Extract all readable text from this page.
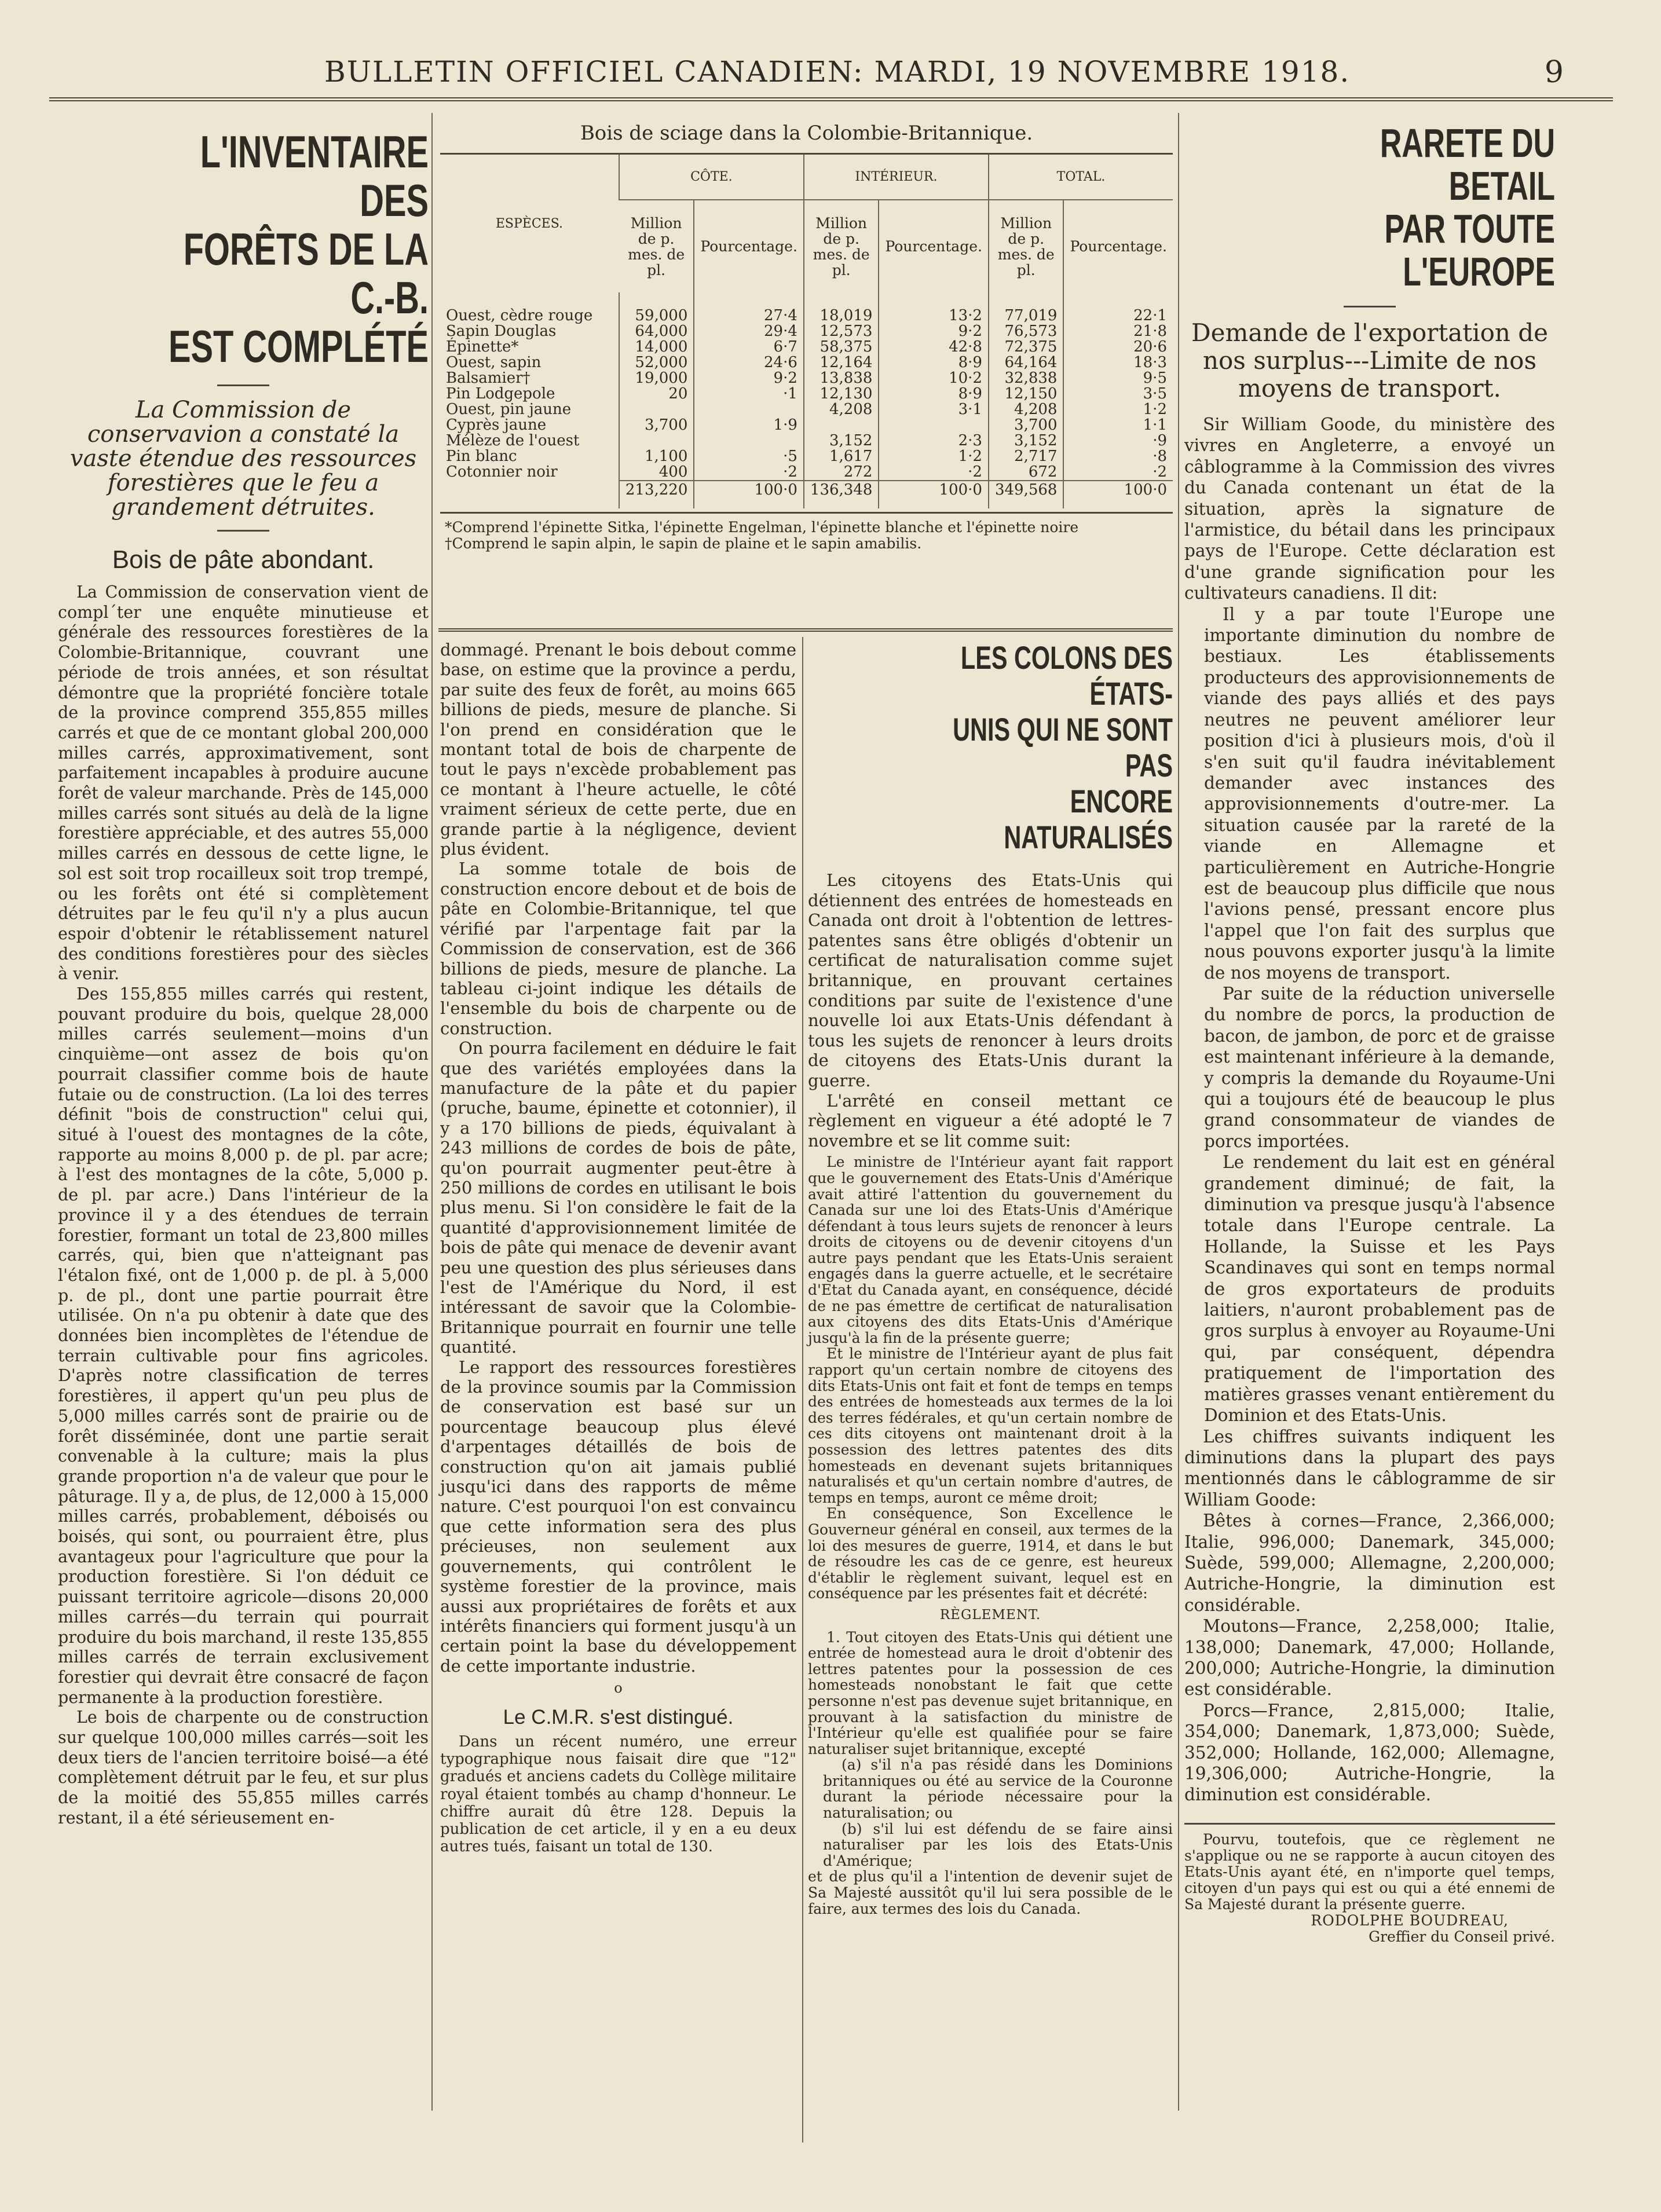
BULLETIN OFFICIEL CANADIEN: MARDI, 19 NOVEMBRE 1918.	9
L'INVENTAIRE DES
FORÊTS DE LA C.-B.
EST COMPLÉTÉ
La Commission de conservavion a constaté la vaste étendue des ressources forestières que le feu a grandement détruites.
Bois de pâte abondant.

La Commission de conservation vient de compl´ter une enquête minutieuse et générale des ressources forestières de la Colombie-Britannique, couvrant une période de trois années, et son résultat démontre que la propriété foncière totale de la province comprend 355,855 milles carrés et que de ce montant global 200,000 milles carrés, approximativement, sont parfaitement incapables à produire aucune forêt de valeur marchande. Près de 145,000 milles carrés sont situés au delà de la ligne forestière appréciable, et des autres 55,000 milles carrés en dessous de cette ligne, le sol est soit trop rocailleux soit trop trempé, ou les forêts ont été si complètement détruites par le feu qu'il n'y a plus aucun espoir d'obtenir le rétablissement naturel des conditions forestières pour des siècles à venir.

Des 155,855 milles carrés qui restent, pouvant produire du bois, quelque 28,000 milles carrés seulement—moins d'un cinquième—ont assez de bois qu'on pourrait classifier comme bois de haute futaie ou de construction. (La loi des terres définit "bois de construction" celui qui, situé à l'ouest des montagnes de la côte, rapporte au moins 8,000 p. de pl. par acre; à l'est des montagnes de la côte, 5,000 p. de pl. par acre.) Dans l'intérieur de la province il y a des étendues de terrain forestier, formant un total de 23,800 milles carrés, qui, bien que n'atteignant pas l'étalon fixé, ont de 1,000 p. de pl. à 5,000 p. de pl., dont une partie pourrait être utilisée. On n'a pu obtenir à date que des données bien incomplètes de l'étendue de terrain cultivable pour fins agricoles. D'après notre classification de terres forestières, il appert qu'un peu plus de 5,000 milles carrés sont de prairie ou de forêt disséminée, dont une partie serait convenable à la culture; mais la plus grande proportion n'a de valeur que pour le pâturage. Il y a, de plus, de 12,000 à 15,000 milles carrés, probablement, déboisés ou boisés, qui sont, ou pourraient être, plus avantageux pour l'agriculture que pour la production forestière. Si l'on déduit ce puissant territoire agricole—disons 20,000 milles carrés—du terrain qui pourrait produire du bois marchand, il reste 135,855 milles carrés de terrain exclusivement forestier qui devrait être consacré de façon permanente à la production forestière.

Le bois de charpente ou de construction sur quelque 100,000 milles carrés—soit les deux tiers de l'ancien territoire boisé—a été complètement détruit par le feu, et sur plus de la moitié des 55,855 milles carrés restant, il a été sérieusement en-

Bois de sciage dans la Colombie-Britannique.
ESPÈCES.	CÔTE.		INTÉRIEUR.		TOTAL.	
	Million de p. mes. de pl.	Pourcentage.	Million de p. mes. de pl.	Pourcentage.	Million de p. mes. de pl.	Pourcentage.
Ouest, cèdre rouge	59,000	27·4	18,019	13·2	77,019	22·1
Sapin Douglas	64,000	29·4	12,573	9·2	76,573	21·8
Épinette*	14,000	6·7	58,375	42·8	72,375	20·6
Ouest, sapin	52,000	24·6	12,164	8·9	64,164	18·3
Balsamier†	19,000	9·2	13,838	10·2	32,838	9·5
Pin Lodgepole	20	·1	12,130	8·9	12,150	3·5
Ouest, pin jaune			4,208	3·1	4,208	1·2
Cyprès jaune	3,700	1·9			3,700	1·1
Mélèze de l'ouest			3,152	2·3	3,152	·9
Pin blanc	1,100	·5	1,617	1·2	2,717	·8
Cotonnier noir	400	·2	272	·2	672	·2
	213,220	100·0	136,348	100·0	349,568	100·0
*Comprend l'épinette Sitka, l'épinette Engelman, l'épinette blanche et l'épinette noire
†Comprend le sapin alpin, le sapin de plaine et le sapin amabilis.

dommagé. Prenant le bois debout comme base, on estime que la province a perdu, par suite des feux de forêt, au moins 665 billions de pieds, mesure de planche. Si l'on prend en considération que le montant total de bois de charpente de tout le pays n'excède probablement pas ce montant à l'heure actuelle, le côté vraiment sérieux de cette perte, due en grande partie à la négligence, devient plus évident.

La somme totale de bois de construction encore debout et de bois de pâte en Colombie-Britannique, tel que vérifié par l'arpentage fait par la Commission de conservation, est de 366 billions de pieds, mesure de planche. La tableau ci-joint indique les détails de l'ensemble du bois de charpente ou de construction.

On pourra facilement en déduire le fait que des variétés employées dans la manufacture de la pâte et du papier (pruche, baume, épinette et cotonnier), il y a 170 billions de pieds, équivalant à 243 millions de cordes de bois de pâte, qu'on pourrait augmenter peut-être à 250 millions de cordes en utilisant le bois plus menu. Si l'on considère le fait de la quantité d'approvisionnement limitée de bois de pâte qui menace de devenir avant peu une question des plus sérieuses dans l'est de l'Amérique du Nord, il est intéressant de savoir que la Colombie-Britannique pourrait en fournir une telle quantité.

Le rapport des ressources forestières de la province soumis par la Commission de conservation est basé sur un pourcentage beaucoup plus élevé d'arpentages détaillés de bois de construction qu'on ait jamais publié jusqu'ici dans des rapports de même nature. C'est pourquoi l'on est convaincu que cette information sera des plus précieuses, non seulement aux gouvernements, qui contrôlent le système forestier de la province, mais aussi aux propriétaires de forêts et aux intérêts financiers qui forment jusqu'à un certain point la base du développement de cette importante industrie.

o

Le C.M.R. s'est distingué.

Dans un récent numéro, une erreur typographique nous faisait dire que "12" gradués et anciens cadets du Collège militaire royal étaient tombés au champ d'honneur. Le chiffre aurait dû être 128. Depuis la publication de cet article, il y en a eu deux autres tués, faisant un total de 130.

LES COLONS DES ÉTATS-
UNIS QUI NE SONT PAS
ENCORE NATURALISÉS

Les citoyens des Etats-Unis qui détiennent des entrées de homesteads en Canada ont droit à l'obtention de lettres-patentes sans être obligés d'obtenir un certificat de naturalisation comme sujet britannique, en prouvant certaines conditions par suite de l'existence d'une nouvelle loi aux Etats-Unis défendant à tous les sujets de renoncer à leurs droits de citoyens des Etats-Unis durant la guerre.

L'arrêté en conseil mettant ce règlement en vigueur a été adopté le 7 novembre et se lit comme suit:

Le ministre de l'Intérieur ayant fait rapport que le gouvernement des Etats-Unis d'Amérique avait attiré l'attention du gouvernement du Canada sur une loi des Etats-Unis d'Amérique défendant à tous leurs sujets de renoncer à leurs droits de citoyens ou de devenir citoyens d'un autre pays pendant que les Etats-Unis seraient engagés dans la guerre actuelle, et le secrétaire d'Etat du Canada ayant, en conséquence, décidé de ne pas émettre de certificat de naturalisation aux citoyens des dits Etats-Unis d'Amérique jusqu'à la fin de la présente guerre;

Et le ministre de l'Intérieur ayant de plus fait rapport qu'un certain nombre de citoyens des dits Etats-Unis ont fait et font de temps en temps des entrées de homesteads aux termes de la loi des terres fédérales, et qu'un certain nombre de ces dits citoyens ont maintenant droit à la possession des lettres patentes des dits homesteads en devenant sujets britanniques naturalisés et qu'un certain nombre d'autres, de temps en temps, auront ce même droit;

En conséquence, Son Excellence le Gouverneur général en conseil, aux termes de la loi des mesures de guerre, 1914, et dans le but de résoudre les cas de ce genre, est heureux d'établir le règlement suivant, lequel est en conséquence par les présentes fait et décrété:

RÈGLEMENT.

1. Tout citoyen des Etats-Unis qui détient une entrée de homestead aura le droit d'obtenir des lettres patentes pour la possession de ces homesteads nonobstant le fait que cette personne n'est pas devenue sujet britannique, en prouvant à la satisfaction du ministre de l'Intérieur qu'elle est qualifiée pour se faire naturaliser sujet britannique, excepté

(a) s'il n'a pas résidé dans les Dominions britanniques ou été au service de la Couronne durant la période nécessaire pour la naturalisation; ou

(b) s'il lui est défendu de se faire ainsi naturaliser par les lois des Etats-Unis d'Amérique;

et de plus qu'il a l'intention de devenir sujet de Sa Majesté aussitôt qu'il lui sera possible de le faire, aux termes des lois du Canada.

RARETE DU BETAIL
PAR TOUTE L'EUROPE
Demande de l'exportation de nos surplus---Limite de nos moyens de transport.

Sir William Goode, du ministère des vivres en Angleterre, a envoyé un câblogramme à la Commission des vivres du Canada contenant un état de la situation, après la signature de l'armistice, du bétail dans les principaux pays de l'Europe. Cette déclaration est d'une grande signification pour les cultivateurs canadiens. Il dit:

Il y a par toute l'Europe une importante diminution du nombre de bestiaux. Les établissements producteurs des approvisionnements de viande des pays alliés et des pays neutres ne peuvent améliorer leur position d'ici à plusieurs mois, d'où il s'en suit qu'il faudra inévitablement demander avec instances des approvisionnements d'outre-mer. La situation causée par la rareté de la viande en Allemagne et particulièrement en Autriche-Hongrie est de beaucoup plus difficile que nous l'avions pensé, pressant encore plus l'appel que l'on fait des surplus que nous pouvons exporter jusqu'à la limite de nos moyens de transport.

Par suite de la réduction universelle du nombre de porcs, la production de bacon, de jambon, de porc et de graisse est maintenant inférieure à la demande, y compris la demande du Royaume-Uni qui a toujours été de beaucoup le plus grand consommateur de viandes de porcs importées.

Le rendement du lait est en général grandement diminué; de fait, la diminution va presque jusqu'à l'absence totale dans l'Europe centrale. La Hollande, la Suisse et les Pays Scandinaves qui sont en temps normal de gros exportateurs de produits laitiers, n'auront probablement pas de gros surplus à envoyer au Royaume-Uni qui, par conséquent, dépendra pratiquement de l'importation des matières grasses venant entièrement du Dominion et des Etats-Unis.

Les chiffres suivants indiquent les diminutions dans la plupart des pays mentionnés dans le câblogramme de sir William Goode:

Bêtes à cornes—France, 2,366,000; Italie, 996,000; Danemark, 345,000; Suède, 599,000; Allemagne, 2,200,000; Autriche-Hongrie, la diminution est considérable.

Moutons—France, 2,258,000; Italie, 138,000; Danemark, 47,000; Hollande, 200,000; Autriche-Hongrie, la diminution est considérable.

Porcs—France, 2,815,000; Italie, 354,000; Danemark, 1,873,000; Suède, 352,000; Hollande, 162,000; Allemagne, 19,306,000; Autriche-Hongrie, la diminution est considérable.

Pourvu, toutefois, que ce règlement ne s'applique ou ne se rapporte à aucun citoyen des Etats-Unis ayant été, en n'importe quel temps, citoyen d'un pays qui est ou qui a été ennemi de Sa Majesté durant la présente guerre.

RODOLPHE BOUDREAU,

Greffier du Conseil privé.
